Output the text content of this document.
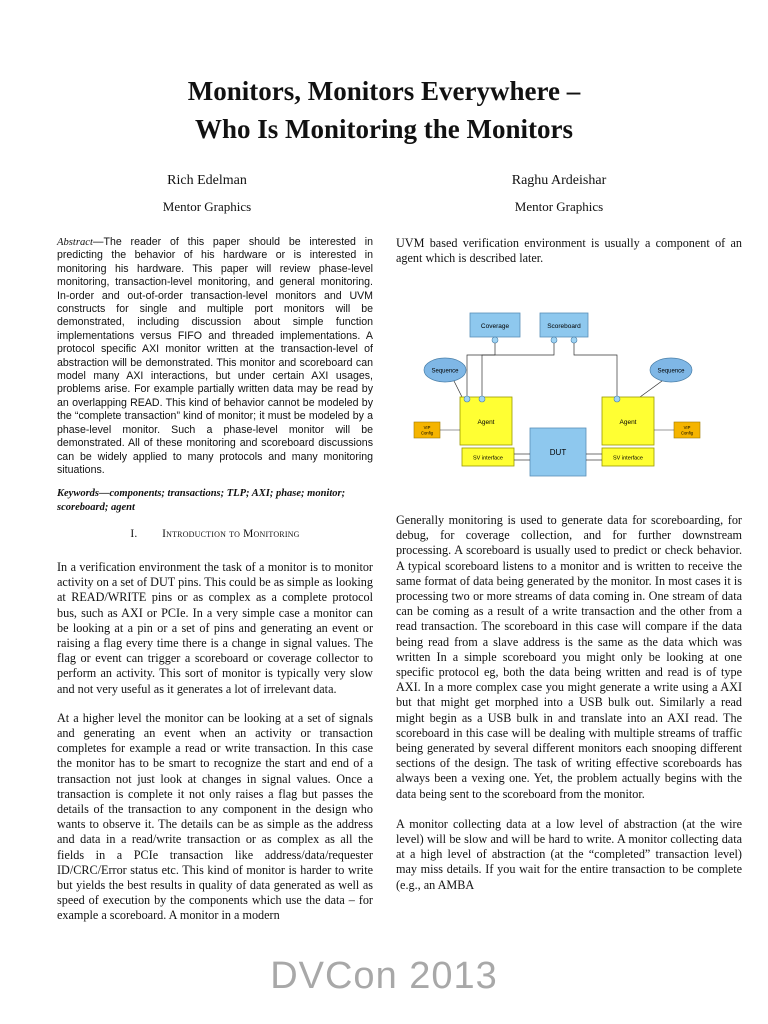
Monitors, Monitors Everywhere –
Who Is Monitoring the Monitors
Rich Edelman
Mentor Graphics
Raghu Ardeishar
Mentor Graphics
Abstract—The reader of this paper should be interested in predicting the behavior of his hardware or is interested in monitoring his hardware. This paper will review phase-level monitoring, transaction-level monitoring, and general monitoring. In-order and out-of-order transaction-level monitors and UVM constructs for single and multiple port monitors will be demonstrated, including discussion about simple function implementations versus FIFO and threaded implementations. A protocol specific AXI monitor written at the transaction-level of abstraction will be demonstrated. This monitor and scoreboard can model many AXI interactions, but under certain AXI usages, problems arise. For example partially written data may be read by an overlapping READ. This kind of behavior cannot be modeled by the “complete transaction” kind of monitor; it must be modeled by a phase-level monitor. Such a phase-level monitor will be demonstrated. All of these monitoring and scoreboard discussions can be widely applied to many protocols and many monitoring situations.
Keywords—components; transactions; TLP; AXI; phase; monitor; scoreboard; agent
I. Introduction to Monitoring

In a verification environment the task of a monitor is to monitor activity on a set of DUT pins. This could be as simple as looking at READ/WRITE pins or as complex as a complete protocol bus, such as AXI or PCIe. In a very simple case a monitor can be looking at a pin or a set of pins and generating an event or raising a flag every time there is a change in signal values. The flag or event can trigger a scoreboard or coverage collector to perform an activity. This sort of monitor is typically very slow and not very useful as it generates a lot of irrelevant data.

At a higher level the monitor can be looking at a set of signals and generating an event when an activity or transaction completes for example a read or write transaction. In this case the monitor has to be smart to recognize the start and end of a transaction not just look at changes in signal values. Once a transaction is complete it not only raises a flag but passes the details of the transaction to any component in the design who wants to observe it. The details can be as simple as the address and data in a read/write transaction or as complex as all the fields in a PCIe transaction like address/data/requester ID/CRC/Error status etc. This kind of monitor is harder to write but yields the best results in quality of data generated as well as speed of execution by the components which use the data – for example a scoreboard. A monitor in a modern

UVM based verification environment is usually a component of an agent which is described later.
Coverage	Scoreboard
Sequence	Sequence
Agent	Agent
VIP
Config
VIP
Config
SV interface	SV interface
DUT

Generally monitoring is used to generate data for scoreboarding, for debug, for coverage collection, and for further downstream processing. A scoreboard is usually used to predict or check behavior. A typical scoreboard listens to a monitor and is written to receive the same format of data being generated by the monitor. In most cases it is processing two or more streams of data coming in. One stream of data can be coming as a result of a write transaction and the other from a read transaction. The scoreboard in this case will compare if the data being read from a slave address is the same as the data which was written In a simple scoreboard you might only be looking at one specific protocol eg, both the data being written and read is of type AXI. In a more complex case you might generate a write using a AXI but that might get morphed into a USB bulk out. Similarly a read might begin as a USB bulk in and translate into an AXI read. The scoreboard in this case will be dealing with multiple streams of traffic being generated by several different monitors each snooping different sections of the design. The task of writing effective scoreboards has always been a vexing one. Yet, the problem actually begins with the data being sent to the scoreboard from the monitor.

A monitor collecting data at a low level of abstraction (at the wire level) will be slow and will be hard to write. A monitor collecting data at a high level of abstraction (at the “completed” transaction level) may miss details. If you wait for the entire transaction to be complete (e.g., an AMBA

DVCon 2013
